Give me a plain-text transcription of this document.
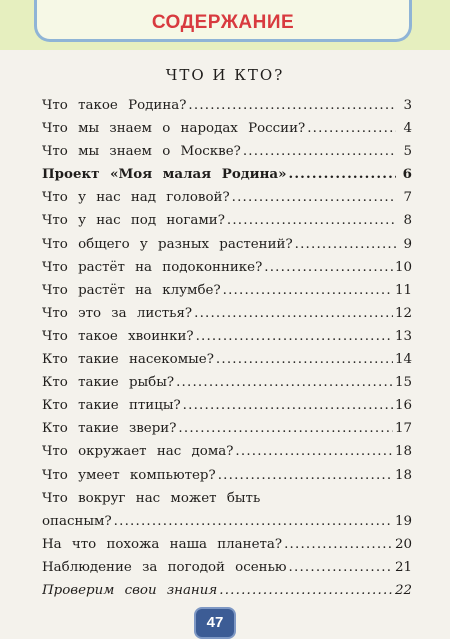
СОДЕРЖАНИЕ
ЧТО И КТО?
Что такое Родина? .....	3
Что мы знаем о народах России? .....	4
Что мы знаем о Москве? .....	5
Проект «Моя малая Родина» .....	6
Что у нас над головой? .....	7
Что у нас под ногами? .....	8
Что общего у разных растений? .....	9
Что растёт на подоконнике? .....	10
Что растёт на клумбе? .....	11
Что это за листья? .....	12
Что такое хвоинки? .....	13
Кто такие насекомые? .....	14
Кто такие рыбы? .....	15
Кто такие птицы? .....	16
Кто такие звери? .....	17
Что окружает нас дома? .....	18
Что умеет компьютер? .....	18
Что вокруг нас может быть
опасным? .....	19
На что похожа наша планета? .....	20
Наблюдение за погодой осенью .....	21
Проверим свои знания .....	22
47
